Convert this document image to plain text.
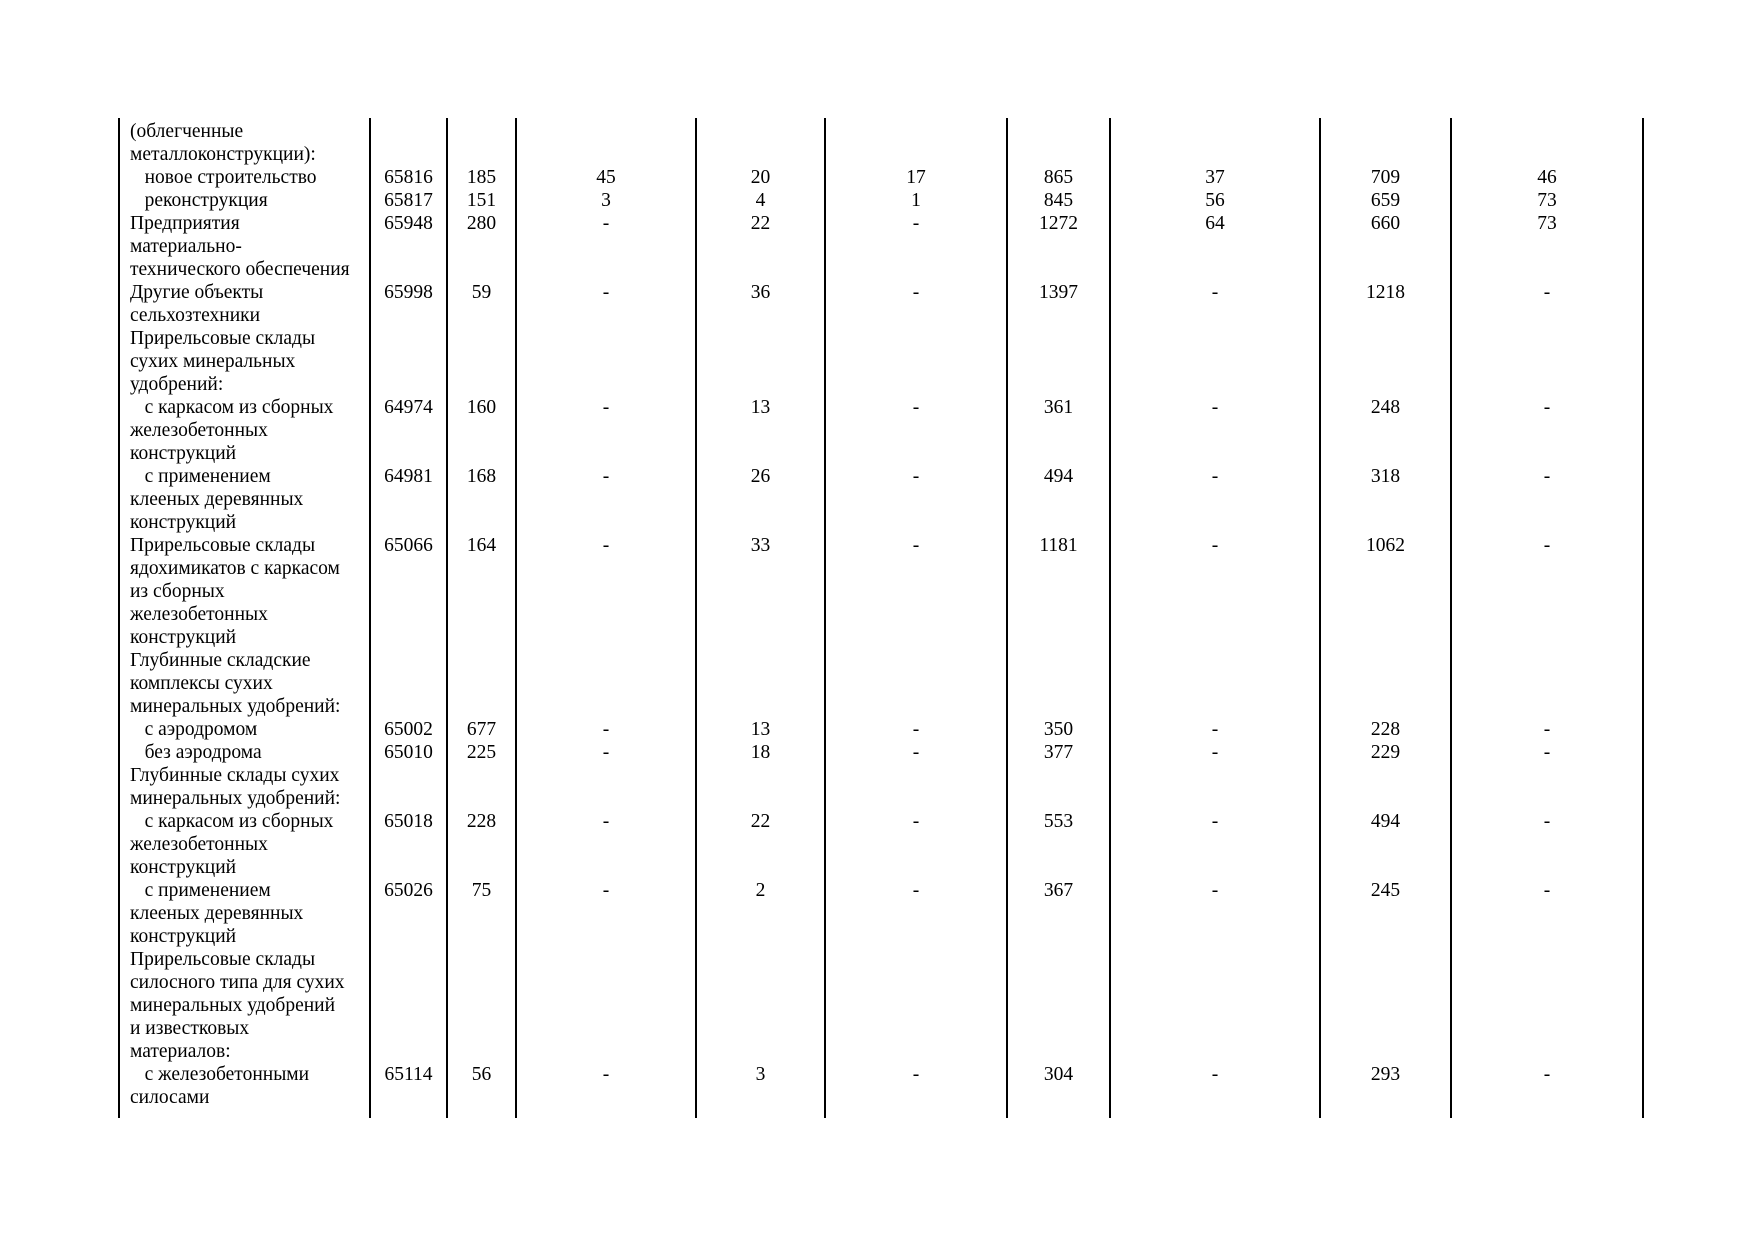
(облегченные
металлоконструкции):
новое строительство	65816	185	45	20	17	865	37	709	46
реконструкция	65817	151	3	4	1	845	56	659	73
Предприятия
материально-
технического обеспечения
65948	280	-	22	-	1272	64	660	73
Другие объекты
сельхозтехники
65998	59	-	36	-	1397	-	1218	-
Прирельсовые склады
сухих минеральных
удобрений:
с каркасом из сборных
железобетонных
конструкций
64974	160	-	13	-	361	-	248	-
с применением
клееных деревянных
конструкций
64981	168	-	26	-	494	-	318	-
Прирельсовые склады
ядохимикатов с каркасом
из сборных
железобетонных
конструкций
65066	164	-	33	-	1181	-	1062	-
Глубинные складские
комплексы сухих
минеральных удобрений:
с аэродромом	65002	677	-	13	-	350	-	228	-
без аэродрома	65010	225	-	18	-	377	-	229	-
Глубинные склады сухих
минеральных удобрений:
с каркасом из сборных
железобетонных
конструкций
65018	228	-	22	-	553	-	494	-
с применением
клееных деревянных
конструкций
65026	75	-	2	-	367	-	245	-
Прирельсовые склады
силосного типа для сухих
минеральных удобрений
и известковых
материалов:
с железобетонными
силосами
65114	56	-	3	-	304	-	293	-
